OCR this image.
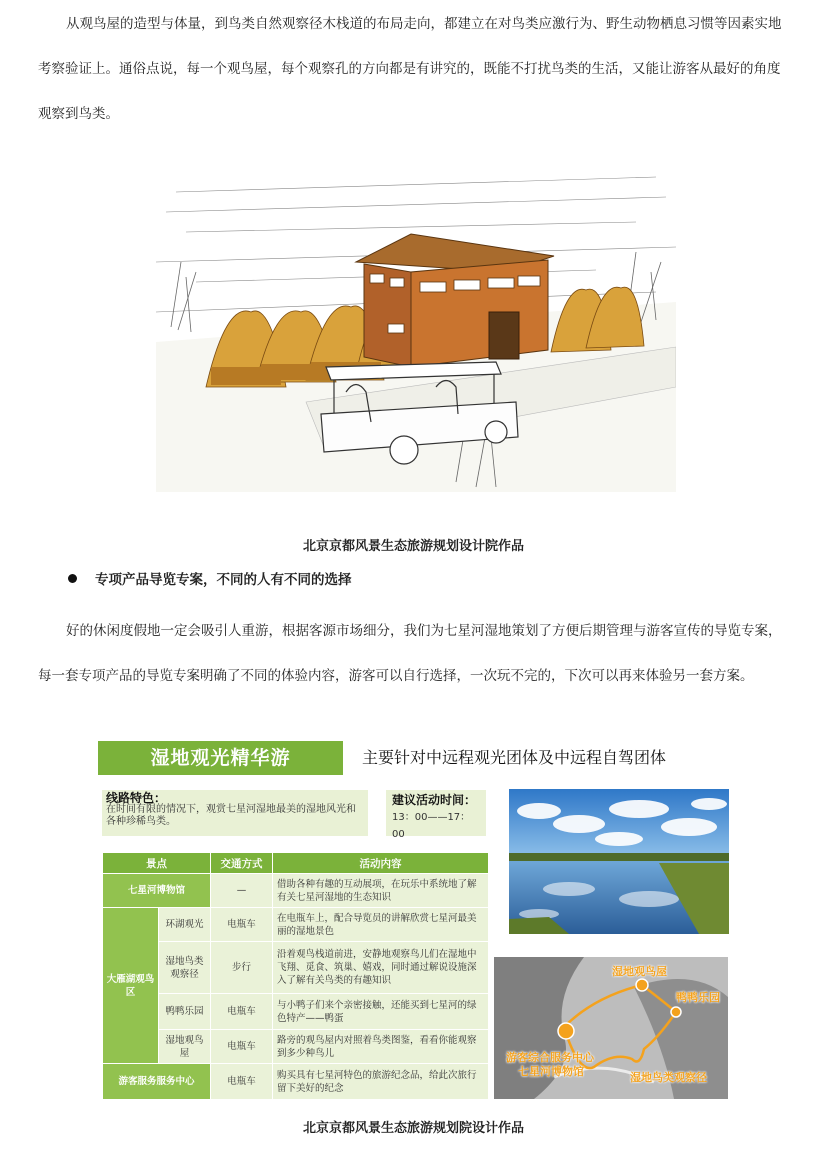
从观鸟屋的造型与体量，到鸟类自然观察径木栈道的布局走向，都建立在对鸟类应激行为、野生动物栖息习惯等因素实地考察验证上。通俗点说，每一个观鸟屋，每个观察孔的方向都是有讲究的，既能不打扰鸟类的生活，又能让游客从最好的角度观察到鸟类。

北京京都风景生态旅游规划设计院作品
专项产品导览专案，不同的人有不同的选择

好的休闲度假地一定会吸引人重游，根据客源市场细分，我们为七星河湿地策划了方便后期管理与游客宣传的导览专案，每一套专项产品的导览专案明确了不同的体验内容，游客可以自行选择，一次玩不完的，下次可以再来体验另一套方案。

湿地观光精华游	主要针对中远程观光团体及中远程自驾团体
线路特色：
在时间有限的情况下，观赏七星河湿地最美的湿地风光和各种珍稀鸟类。
建议活动时间：
13：00——17：00
景点		交通方式	活动内容
七星河博物馆		—	借助各种有趣的互动展项，在玩乐中系统地了解有关七星河湿地的生态知识
大雁湖观鸟区	环湖观光	电瓶车	在电瓶车上，配合导览员的讲解欣赏七星河最美丽的湿地景色
	湿地鸟类观察径	步行	沿着观鸟栈道前进，安静地观察鸟儿们在湿地中飞翔、觅食、筑巢、嬉戏，同时通过解说设施深入了解有关鸟类的有趣知识
	鸭鸭乐园	电瓶车	与小鸭子们来个亲密接触，还能买到七星河的绿色特产——鸭蛋
	湿地观鸟屋	电瓶车	路旁的观鸟屋内对照着鸟类图鉴，看看你能观察到多少种鸟儿

游客服务服务中心		电瓶车	购买具有七星河特色的旅游纪念品，给此次旅行留下美好的纪念
湿地观鸟屋
鸭鸭乐园
游客综合服务中心
七星河博物馆	湿地鸟类观察径
北京京都风景生态旅游规划院设计作品
